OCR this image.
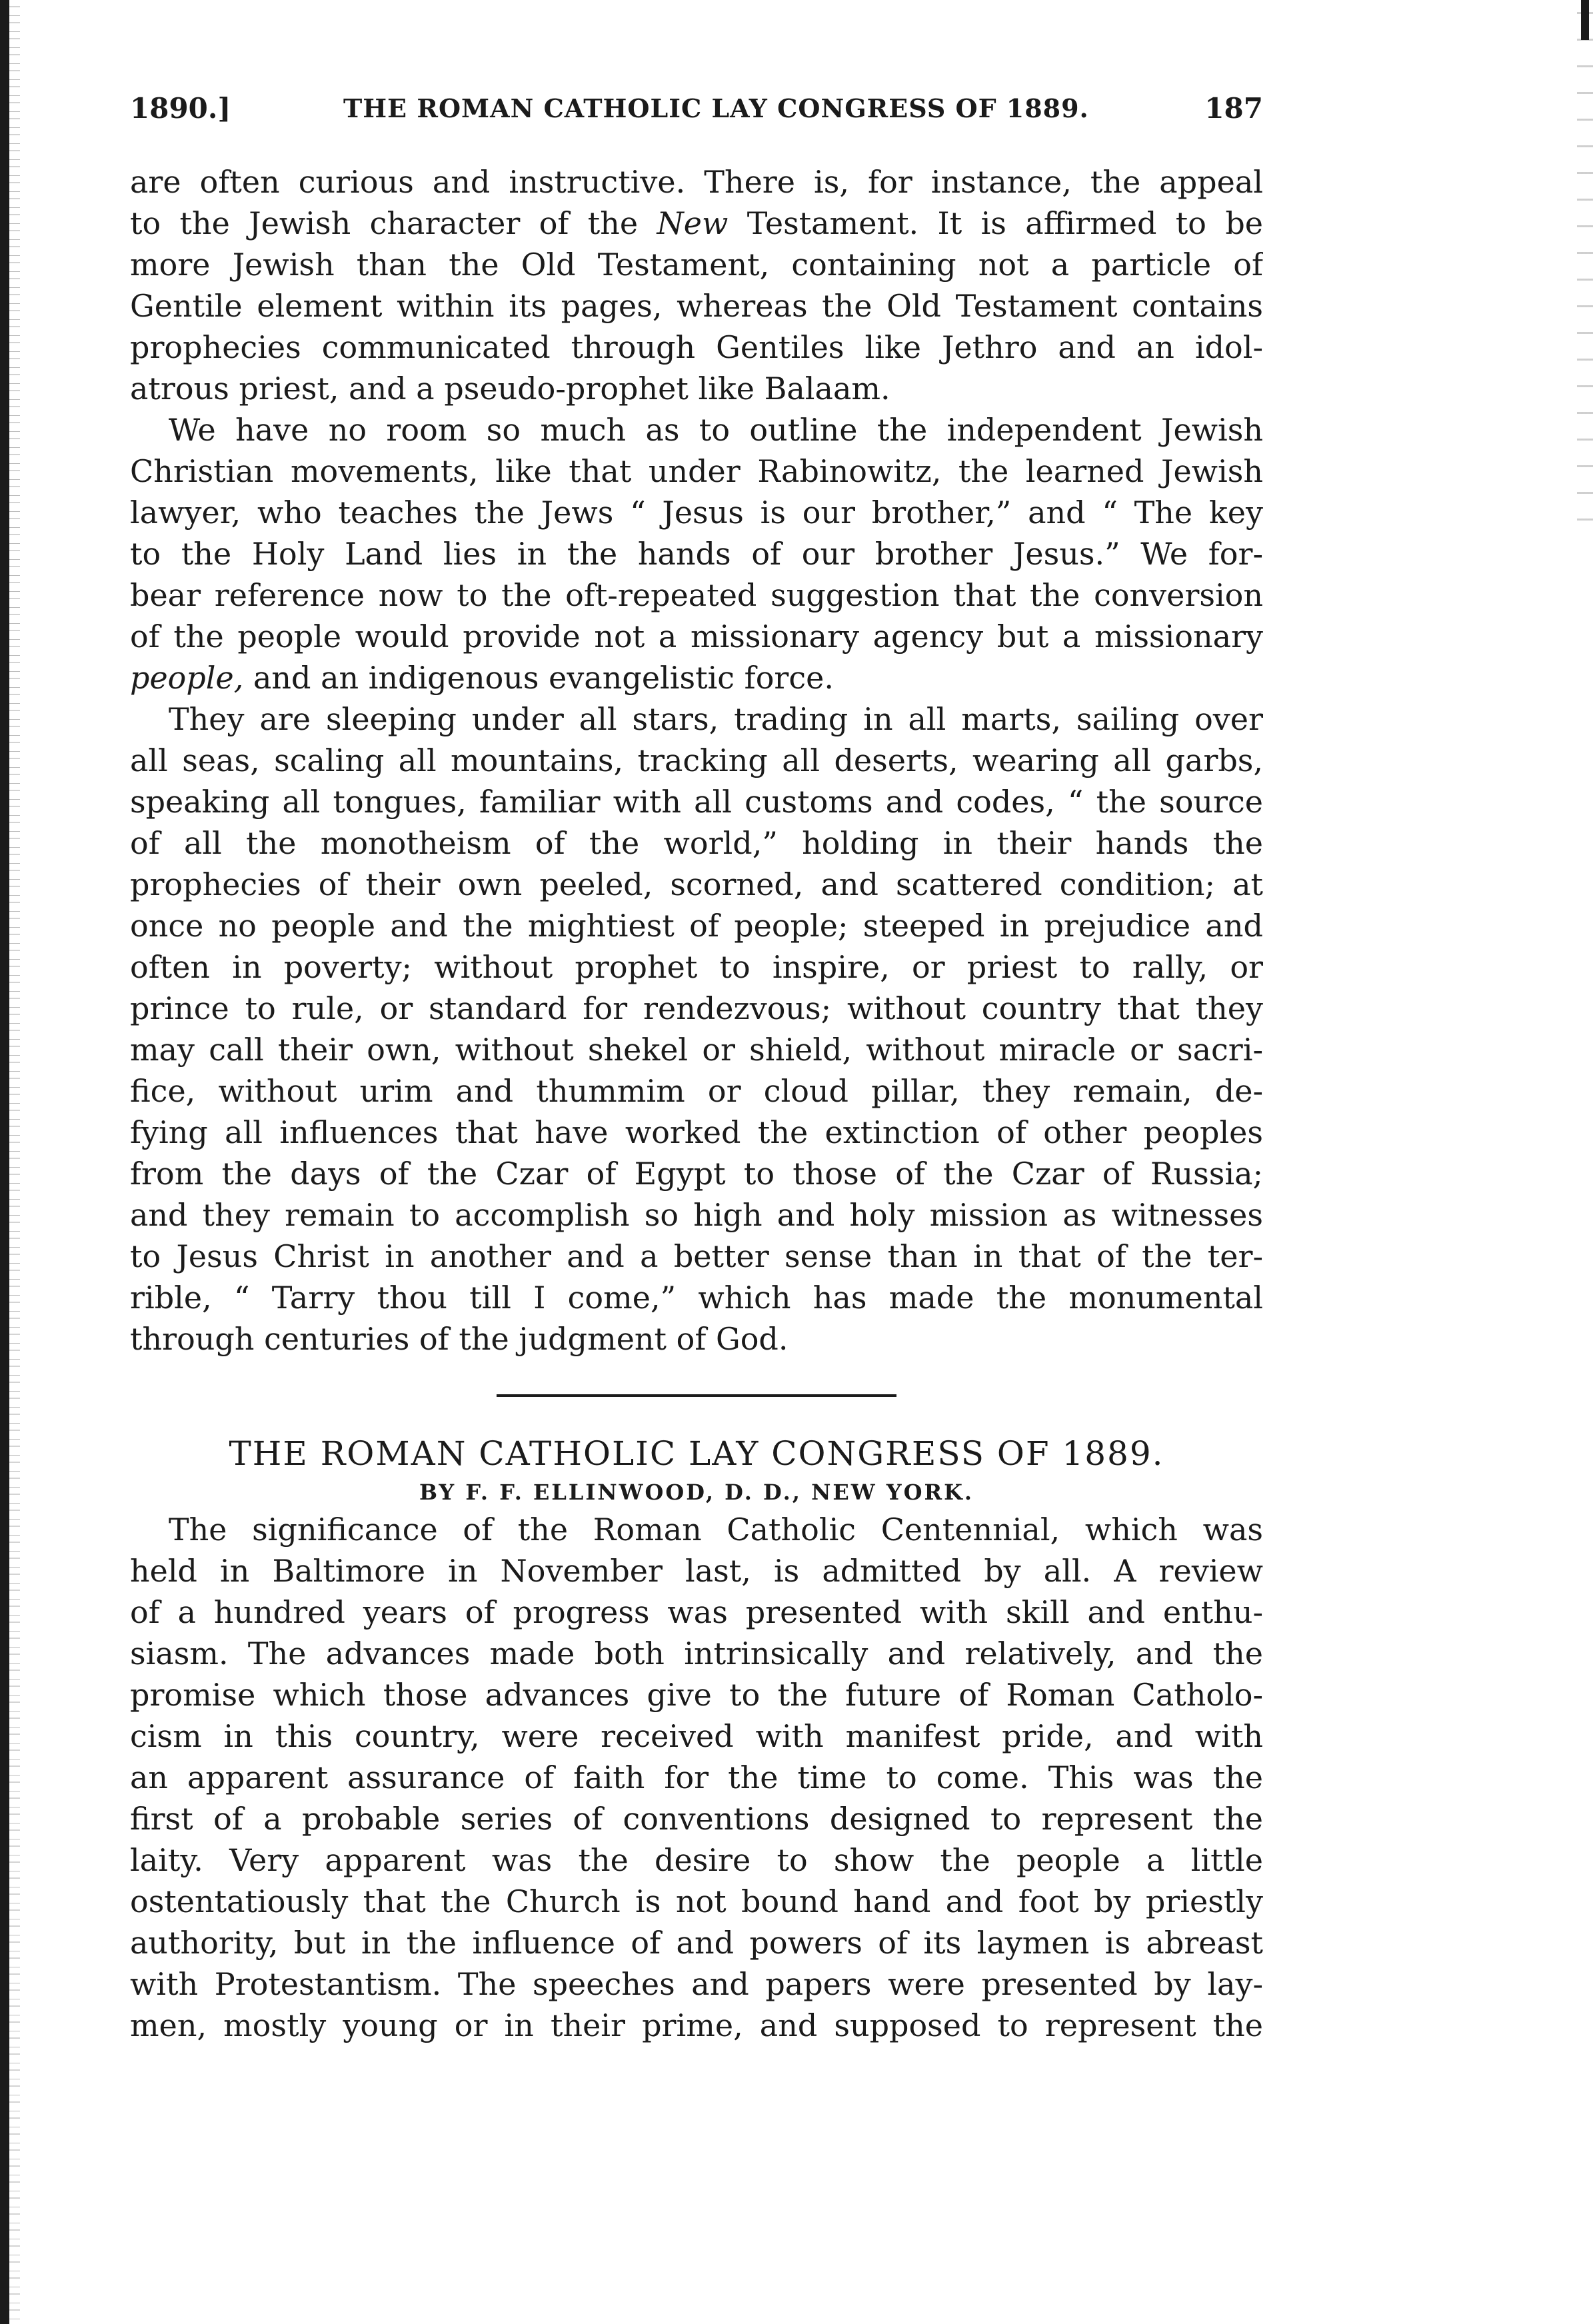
1890.]	THE ROMAN CATHOLIC LAY CONGRESS OF 1889.	187
are often curious and instructive. There is, for instance, the appeal
to the Jewish character of the New Testament. It is affirmed to be
more Jewish than the Old Testament, containing not a particle of
Gentile element within its pages, whereas the Old Testament contains
prophecies communicated through Gentiles like Jethro and an idol-
atrous priest, and a pseudo-prophet like Balaam.
We have no room so much as to outline the independent Jewish
Christian movements, like that under Rabinowitz, the learned Jewish
lawyer, who teaches the Jews “ Jesus is our brother,” and “ The key
to the Holy Land lies in the hands of our brother Jesus.” We for-
bear reference now to the oft-repeated suggestion that the conversion
of the people would provide not a missionary agency but a missionary
people, and an indigenous evangelistic force.
They are sleeping under all stars, trading in all marts, sailing over
all seas, scaling all mountains, tracking all deserts, wearing all garbs,
speaking all tongues, familiar with all customs and codes, “ the source
of all the monotheism of the world,” holding in their hands the
prophecies of their own peeled, scorned, and scattered condition; at
once no people and the mightiest of people; steeped in prejudice and
often in poverty; without prophet to inspire, or priest to rally, or
prince to rule, or standard for rendezvous; without country that they
may call their own, without shekel or shield, without miracle or sacri-
fice, without urim and thummim or cloud pillar, they remain, de-
fying all influences that have worked the extinction of other peoples
from the days of the Czar of Egypt to those of the Czar of Russia;
and they remain to accomplish so high and holy mission as witnesses
to Jesus Christ in another and a better sense than in that of the ter-
rible, “ Tarry thou till I come,” which has made the monumental
through centuries of the judgment of God.
THE ROMAN CATHOLIC LAY CONGRESS OF 1889.
BY F. F. ELLINWOOD, D. D., NEW YORK.
The significance of the Roman Catholic Centennial, which was
held in Baltimore in November last, is admitted by all. A review
of a hundred years of progress was presented with skill and enthu-
siasm. The advances made both intrinsically and relatively, and the
promise which those advances give to the future of Roman Catholo-
cism in this country, were received with manifest pride, and with
an apparent assurance of faith for the time to come. This was the
first of a probable series of conventions designed to represent the
laity. Very apparent was the desire to show the people a little
ostentatiously that the Church is not bound hand and foot by priestly
authority, but in the influence of and powers of its laymen is abreast
with Protestantism. The speeches and papers were presented by lay-
men, mostly young or in their prime, and supposed to represent the
